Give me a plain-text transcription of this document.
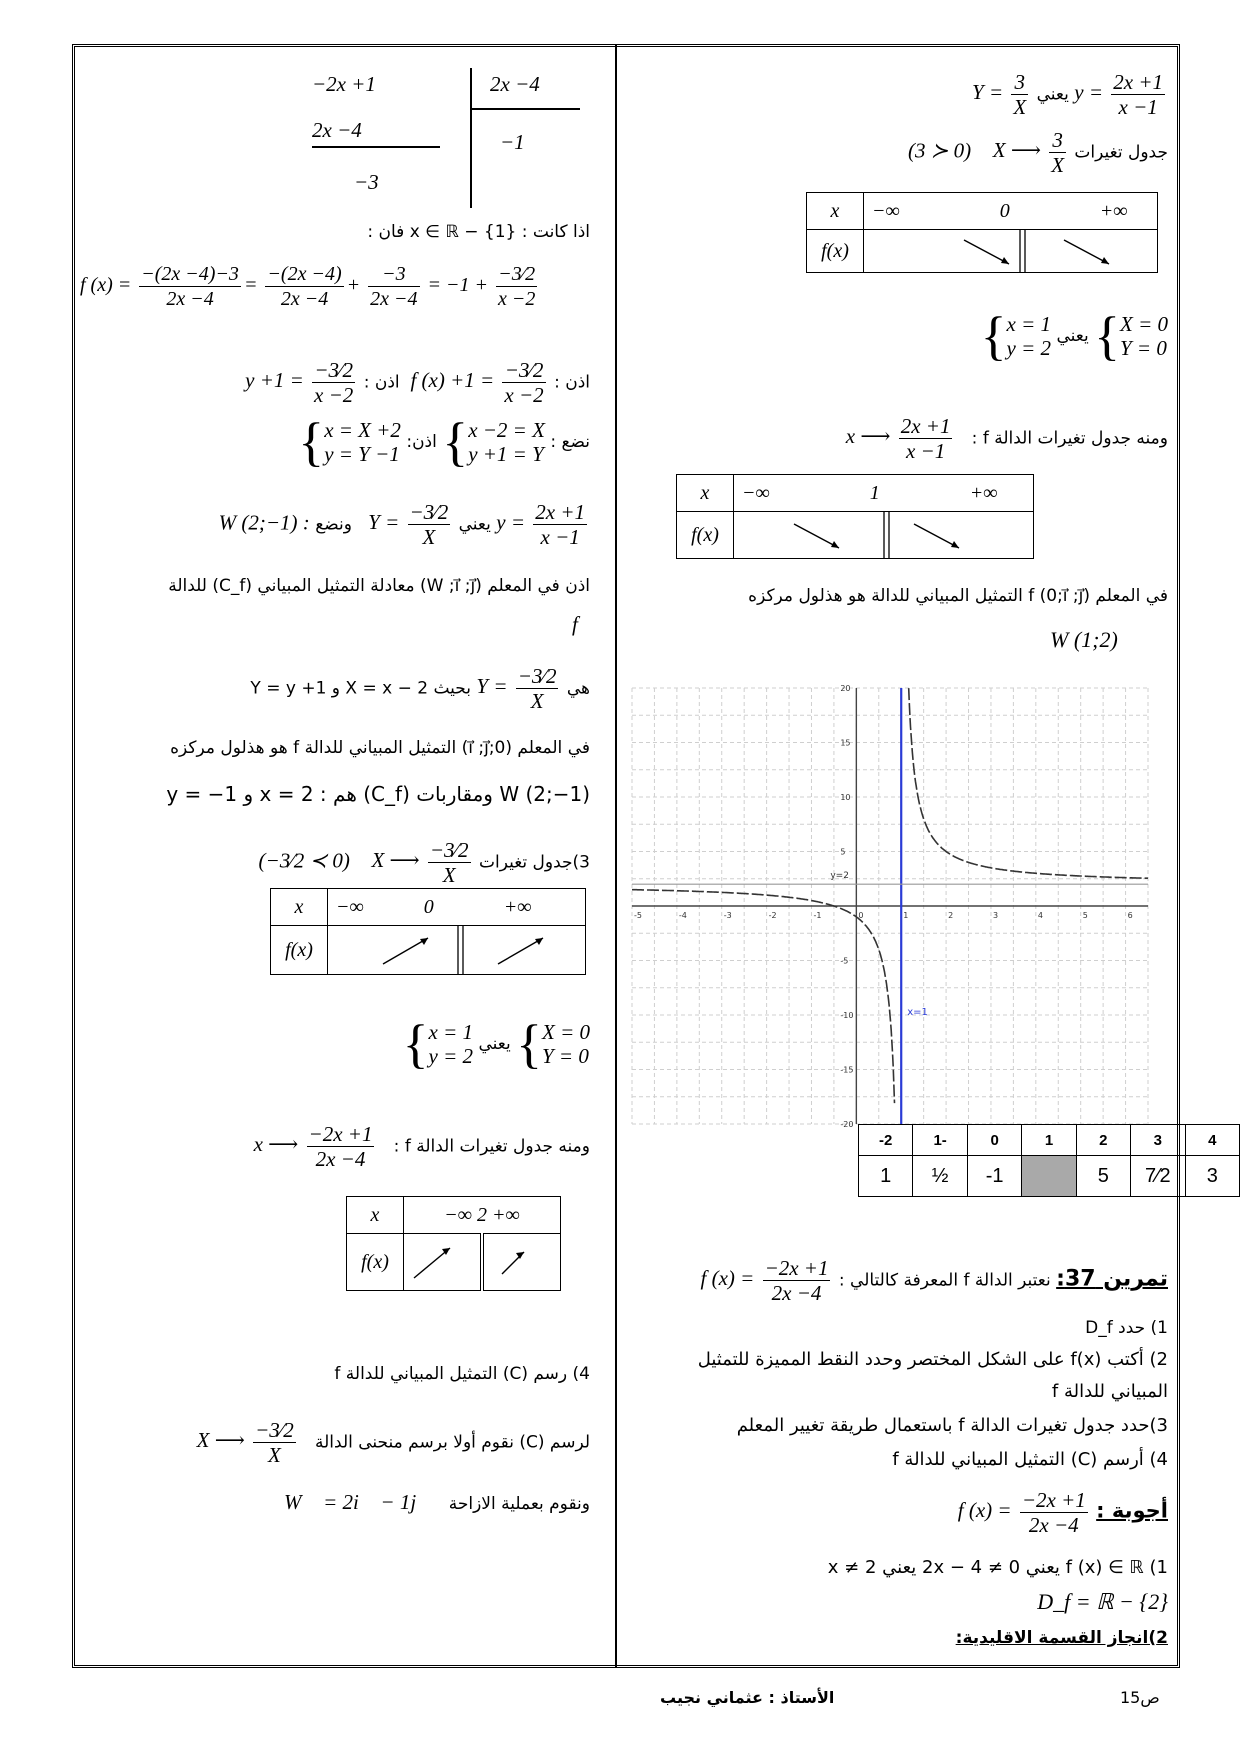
−2x +1	2x −4
2x −4	−1
−3
اذا كانت : x ∈ ℝ − {1} فان :
f $(x) = \frac{-(2x -4)-3}{2x -4} = \frac{-(2x -4)}{2x -4} + \frac{-3}{2x -4} = -1 + \frac{-3⁄2}{x -2}$
اذن : f $(x) +1 = \frac{-3⁄2}{x -2}$
اذن : $y +1 = \frac{-3⁄2}{x -2}$
نضع : { x −2 = X
y +1 = Y
اذن: { x = X +2
y = Y −1
$y = \frac{2x +1}{x -1}$
يعني $Y = \frac{-3⁄2}{X}$
ونضع W (2;−1) :
اذن في المعلم (W ;i⃗ ;j⃗) معادلة التمثيل المبياني (C_f) للدالة
f
هي $Y = \frac{-3⁄2}{X}$
بحيث X = x − 2 و Y = y +1
في المعلم (0;i⃗ ;j⃗) التمثيل المبياني للدالة f هو هذلول مركزه
W (2;−1) ومقاربات (C_f) هم : x = 2 و y = −1
3)جدول تغيرات X ⟶ $\frac{-3⁄2}{X}$
(−3⁄2 ≺ 0)
x	−∞ 0 +∞
f(x)	
{ X = 0
Y = 0
يعني { x = 1
y = 2
ومنه جدول تغيرات الدالة f :   x ⟶ $\frac{-2x +1}{2x -4}$
x	−∞ 2 +∞	
f(x)	

4) رسم (C) التمثيل المبياني للدالة f
لرسم (C) نقوم أولا برسم منحنى الدالة   X ⟶ $\frac{-3⁄2}{X}$
ونقوم بعملية الازاحة   W⃗ = 2i⃗ − 1j⃗
$y = \frac{2x +1}{x -1}$
يعني $Y = \frac{3}{X}$
جدول تغيرات X ⟶ $\frac{3}{X}$
(3 ≻ 0)
x	−∞ 0 +∞
f(x)	
{ X = 0
Y = 0
يعني { x = 1
y = 2
ومنه جدول تغيرات الدالة f :   x ⟶ $\frac{2x +1}{x -1}$
x	−∞ 1 +∞
f(x)	
في المعلم f (0;i⃗ ;j⃗) التمثيل المبياني للدالة هو هذلول مركزه
W (1;2)
-5	-4	-3	-2	-1	0	1	2	3	4	5	6
-20
-15
-10
-5
5
10
15
20
x=1
y=2
-2	1-	0	1	2	3	4
1	½	-1		5	7⁄2	3
تمرين 37: نعتبر الدالة f المعرفة كالتالي : f $(x) = \frac{-2x +1}{2x -4}$
1) حدد D_f
2) أكتب f(x) على الشكل المختصر وحدد النقط المميزة للتمثيل
المبياني للدالة f
3)حدد جدول تغيرات الدالة f باستعمال طريقة تغيير المعلم
4) أرسم (C) التمثيل المبياني للدالة f
أجوبة : f $(x) = \frac{-2x +1}{2x -4}$
1) f (x) ∈ ℝ يعني 2x − 4 ≠ 0 يعني x ≠ 2
D_f = ℝ − {2}
2)انجاز القسمة الاقليدية:
ص15
الأستاذ : عثماني نجيب
